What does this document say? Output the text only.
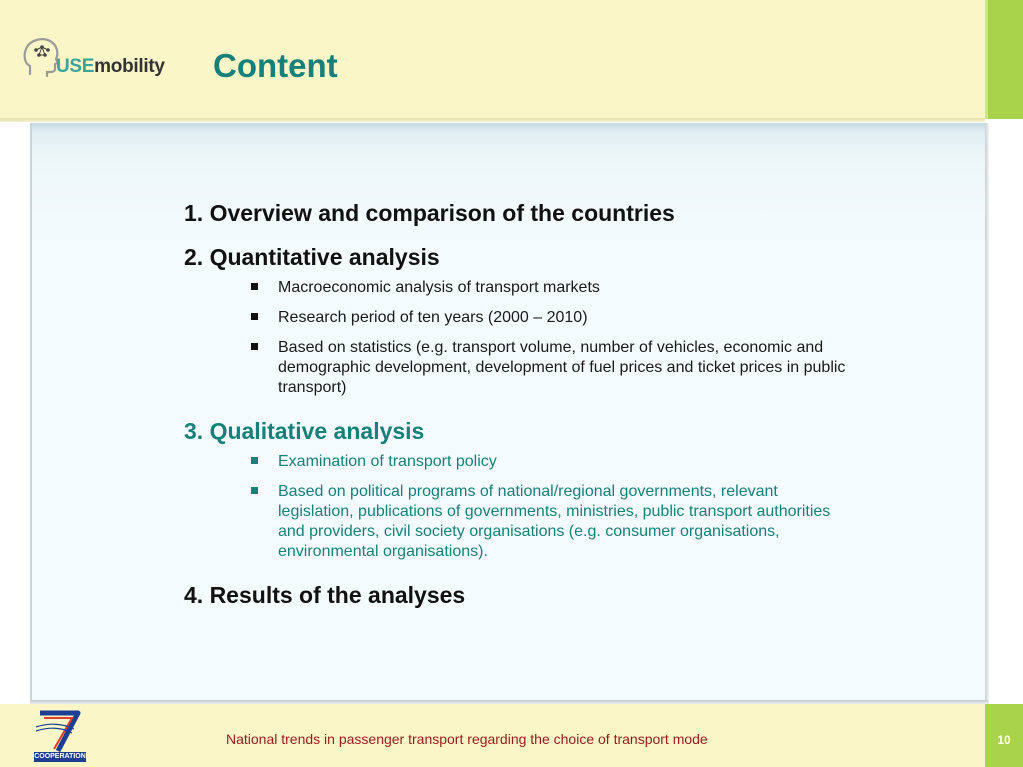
USEmobility Content

1. Overview and comparison of the countries

2. Quantitative analysis

Macroeconomic analysis of transport markets
Research period of ten years (2000 – 2010)
Based on statistics (e.g. transport volume, number of vehicles, economic and demographic development, development of fuel prices and ticket prices in public transport)

3. Qualitative analysis

Examination of transport policy
Based on political programs of national/regional governments, relevant legislation, publications of governments, ministries, public transport authorities and providers, civil society organisations (e.g. consumer organisations, environmental organisations).

4. Results of the analyses

10
National trends in passenger transport regarding the choice of transport mode
7
COOPERATION
